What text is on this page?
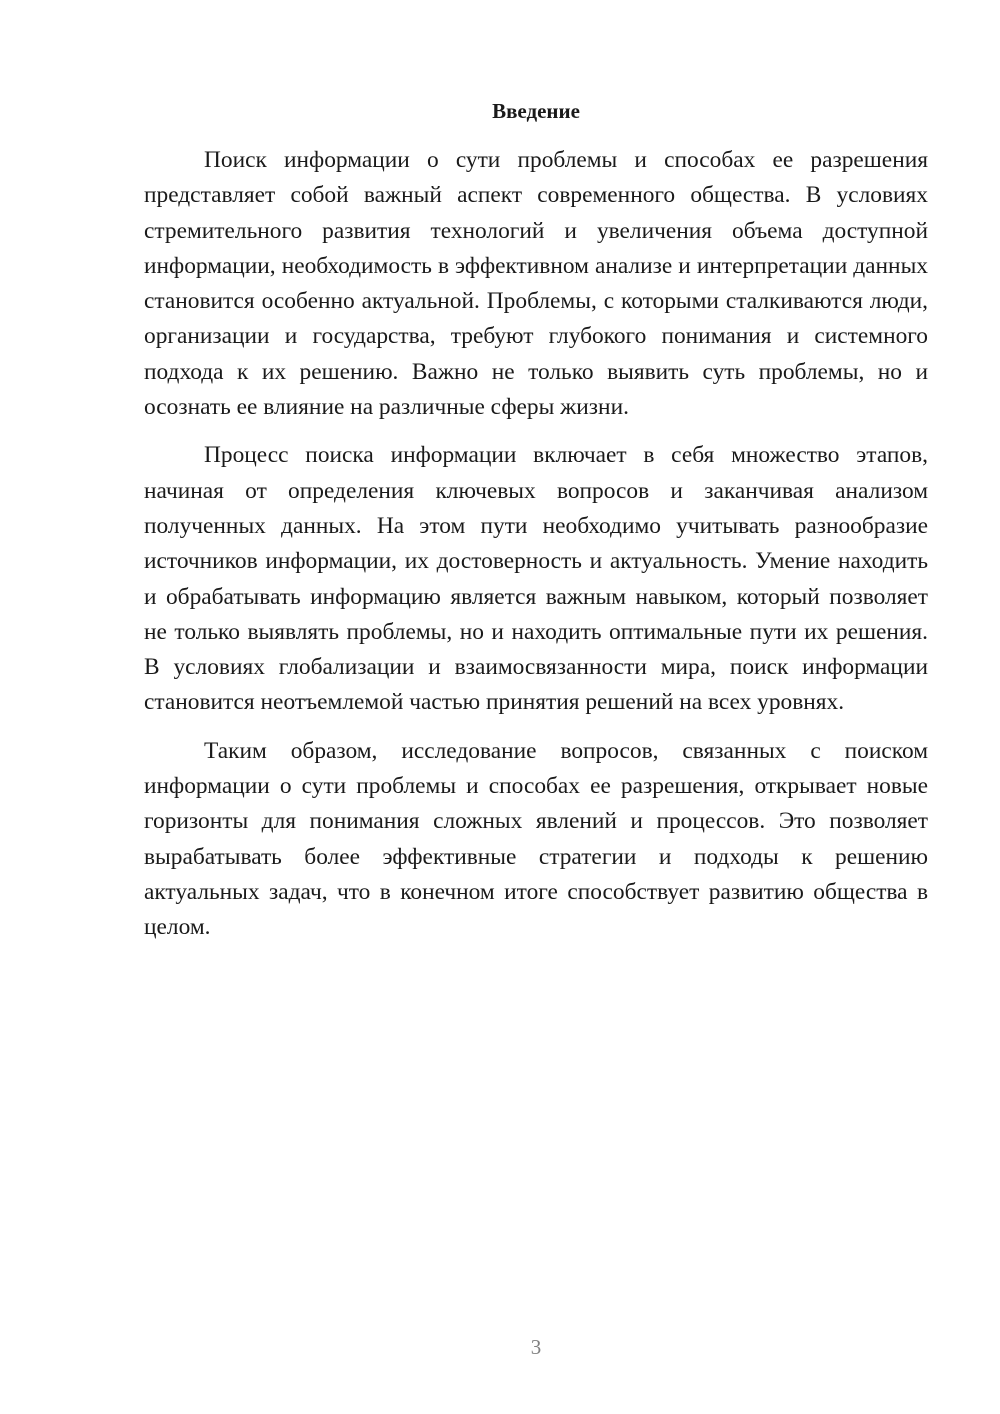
Введение

Поиск информации о сути проблемы и способах ее разрешения представляет собой важный аспект современного общества. В условиях стремительного развития технологий и увеличения объема доступной информации, необходимость в эффективном анализе и интерпретации данных становится особенно актуальной. Проблемы, с которыми сталкиваются люди, организации и государства, требуют глубокого понимания и системного подхода к их решению. Важно не только выявить суть проблемы, но и осознать ее влияние на различные сферы жизни.

Процесс поиска информации включает в себя множество этапов, начиная от определения ключевых вопросов и заканчивая анализом полученных данных. На этом пути необходимо учитывать разнообразие источников информации, их достоверность и актуальность. Умение находить и обрабатывать информацию является важным навыком, который позволяет не только выявлять проблемы, но и находить оптимальные пути их решения. В условиях глобализации и взаимосвязанности мира, поиск информации становится неотъемлемой частью принятия решений на всех уровнях.

Таким образом, исследование вопросов, связанных с поиском информации о сути проблемы и способах ее разрешения, открывает новые горизонты для понимания сложных явлений и процессов. Это позволяет вырабатывать более эффективные стратегии и подходы к решению актуальных задач, что в конечном итоге способствует развитию общества в целом.

3
